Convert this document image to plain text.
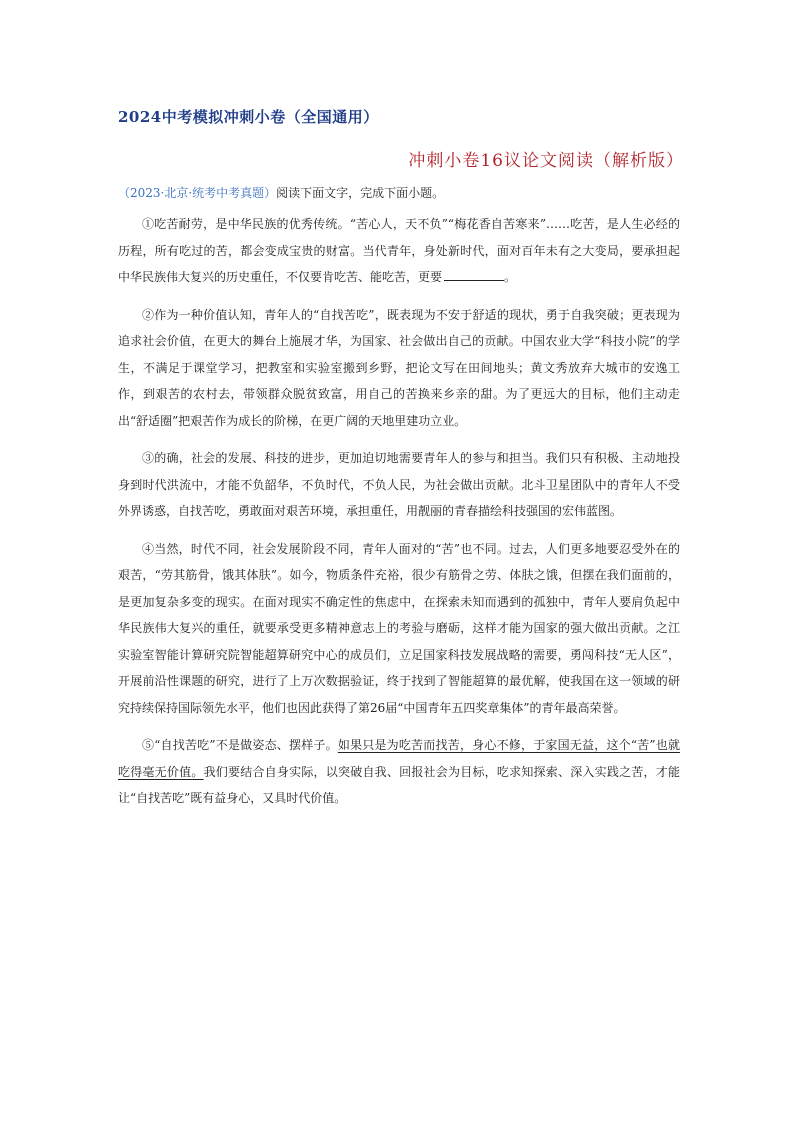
2024中考模拟冲刺小卷（全国通用）
冲刺小卷16议论文阅读（解析版）
（2023·北京·统考中考真题）阅读下面文字，完成下面小题。

①吃苦耐劳，是中华民族的优秀传统。“苦心人，天不负”“梅花香自苦寒来”……吃苦，是人生必经的历程，所有吃过的苦，都会变成宝贵的财富。当代青年，身处新时代，面对百年未有之大变局，要承担起中华民族伟大复兴的历史重任，不仅要肯吃苦、能吃苦，更要	。

②作为一种价值认知，青年人的“自找苦吃”，既表现为不安于舒适的现状，勇于自我突破；更表现为追求社会价值，在更大的舞台上施展才华，为国家、社会做出自己的贡献。中国农业大学“科技小院”的学生，不满足于课堂学习，把教室和实验室搬到乡野，把论文写在田间地头；黄文秀放弃大城市的安逸工作，到艰苦的农村去，带领群众脱贫致富，用自己的苦换来乡亲的甜。为了更远大的目标，他们主动走出“舒适圈”把艰苦作为成长的阶梯，在更广阔的天地里建功立业。

③的确，社会的发展、科技的进步，更加迫切地需要青年人的参与和担当。我们只有积极、主动地投身到时代洪流中，才能不负韶华，不负时代，不负人民，为社会做出贡献。北斗卫星团队中的青年人不受外界诱惑，自找苦吃，勇敢面对艰苦环境，承担重任，用靓丽的青春描绘科技强国的宏伟蓝图。

④当然，时代不同，社会发展阶段不同，青年人面对的“苦”也不同。过去，人们更多地要忍受外在的艰苦，“劳其筋骨，饿其体肤”。如今，物质条件充裕，很少有筋骨之劳、体肤之饿，但摆在我们面前的，是更加复杂多变的现实。在面对现实不确定性的焦虑中，在探索未知而遇到的孤独中，青年人要肩负起中华民族伟大复兴的重任，就要承受更多精神意志上的考验与磨砺，这样才能为国家的强大做出贡献。之江实验室智能计算研究院智能超算研究中心的成员们，立足国家科技发展战略的需要，勇闯科技“无人区”，开展前沿性课题的研究，进行了上万次数据验证，终于找到了智能超算的最优解，使我国在这一领域的研究持续保持国际领先水平，他们也因此获得了第26届“中国青年五四奖章集体”的青年最高荣誉。

⑤“自找苦吃”不是做姿态、摆样子。如果只是为吃苦而找苦，身心不修，于家国无益，这个“苦”也就吃得毫无价值。我们要结合自身实际，以突破自我、回报社会为目标，吃求知探索、深入实践之苦，才能让“自找苦吃”既有益身心，又具时代价值。
